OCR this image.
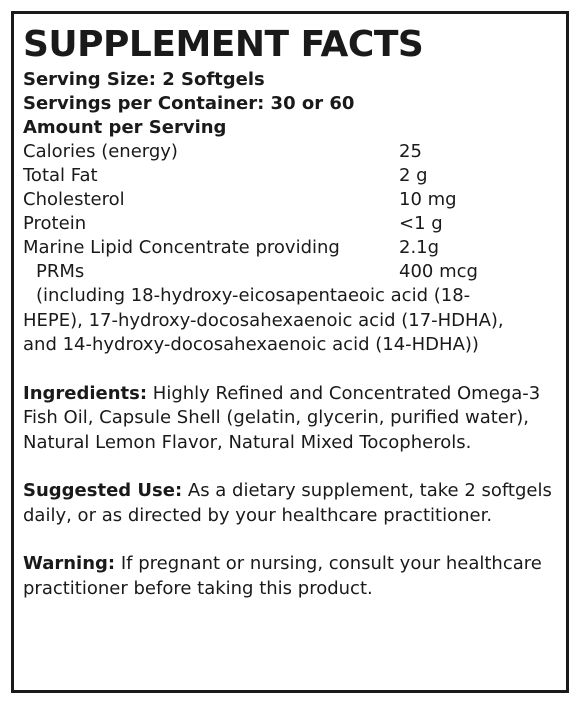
SUPPLEMENT FACTS
Serving Size: 2 Softgels
Servings per Container: 30 or 60
Amount per Serving
Calories (energy)	25
Total Fat	2 g
Cholesterol	10 mg
Protein	<1 g
Marine Lipid Concentrate providing	2.1g
PRMs	400 mcg
(including 18-hydroxy-eicosapentaeoic acid (18-
HEPE), 17-hydroxy-docosahexaenoic acid (17-HDHA), and 14-hydroxy-docosahexaenoic acid (14-HDHA))
Ingredients: Highly Refined and Concentrated Omega-3 Fish Oil, Capsule Shell (gelatin, glycerin, purified water), Natural Lemon Flavor, Natural Mixed Tocopherols.
Suggested Use: As a dietary supplement, take 2 softgels daily, or as directed by your healthcare practitioner.
Warning: If pregnant or nursing, consult your healthcare practitioner before taking this product.
